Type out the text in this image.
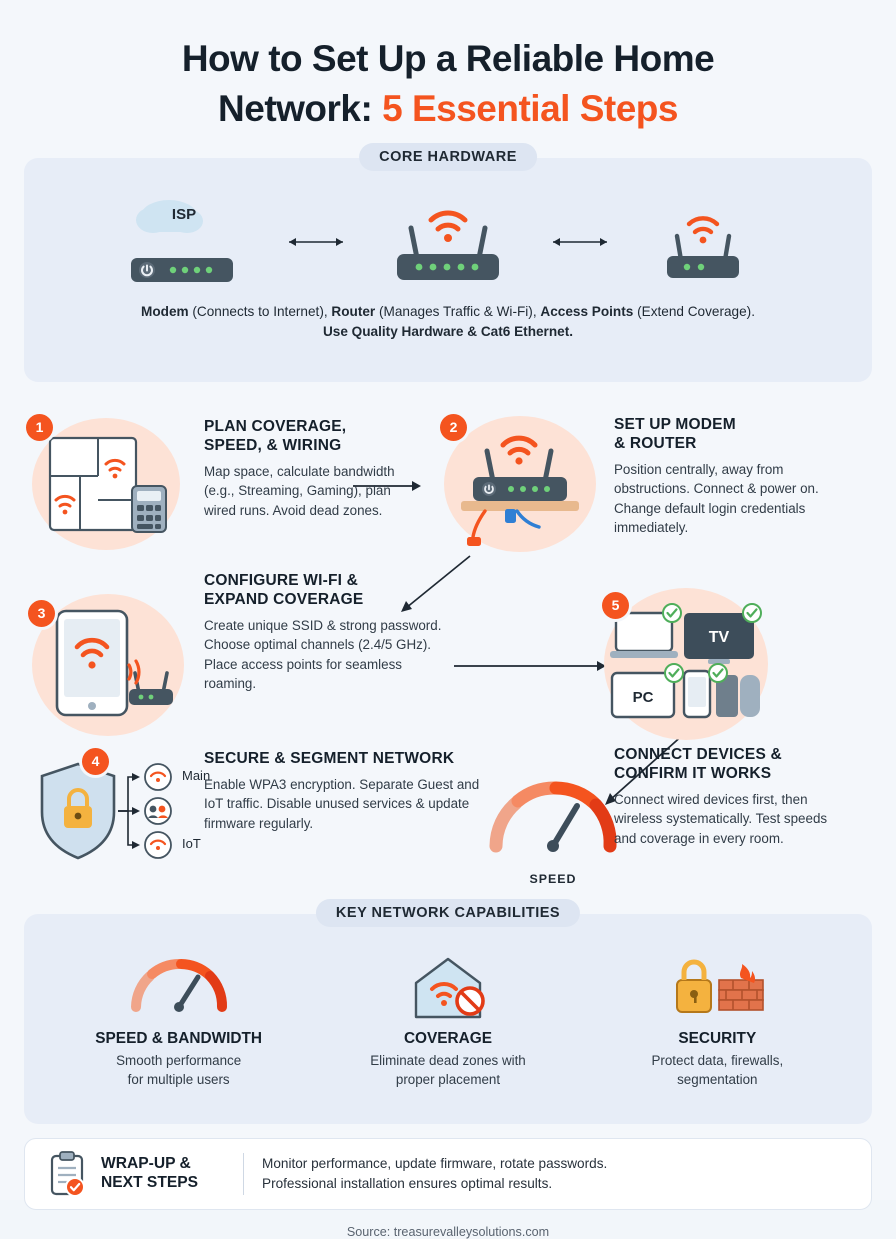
How to Set Up a Reliable Home
Network: 5 Essential Steps
CORE HARDWARE
ISP
Modem (Connects to Internet), Router (Manages Traffic & Wi-Fi), Access Points (Extend Coverage).
Use Quality Hardware & Cat6 Ethernet.
1	PLAN COVERAGE,
SPEED, & WIRING
Map space, calculate bandwidth (e.g., Streaming, Gaming), plan wired runs. Avoid dead zones.
2	SET UP MODEM
& ROUTER
Position centrally, away from obstructions. Connect & power on. Change default login credentials immediately.
3
CONFIGURE WI-FI &
EXPAND COVERAGE
Create unique SSID & strong password. Choose optimal channels (2.4/5 GHz). Place access points for seamless roaming.
5
TV
PC
4
Main
IoT
SECURE & SEGMENT NETWORK
Enable WPA3 encryption. Separate Guest and IoT traffic. Disable unused services & update firmware regularly.
SPEED
CONNECT DEVICES &
CONFIRM IT WORKS
Connect wired devices first, then wireless systematically. Test speeds and coverage in every room.
KEY NETWORK CAPABILITIES
SPEED & BANDWIDTH
Smooth performance
for multiple users
COVERAGE
Eliminate dead zones with
proper placement
SECURITY
Protect data, firewalls,
segmentation
WRAP-UP &
NEXT STEPS
Monitor performance, update firmware, rotate passwords.
Professional installation ensures optimal results.
Source: treasurevalleysolutions.com
